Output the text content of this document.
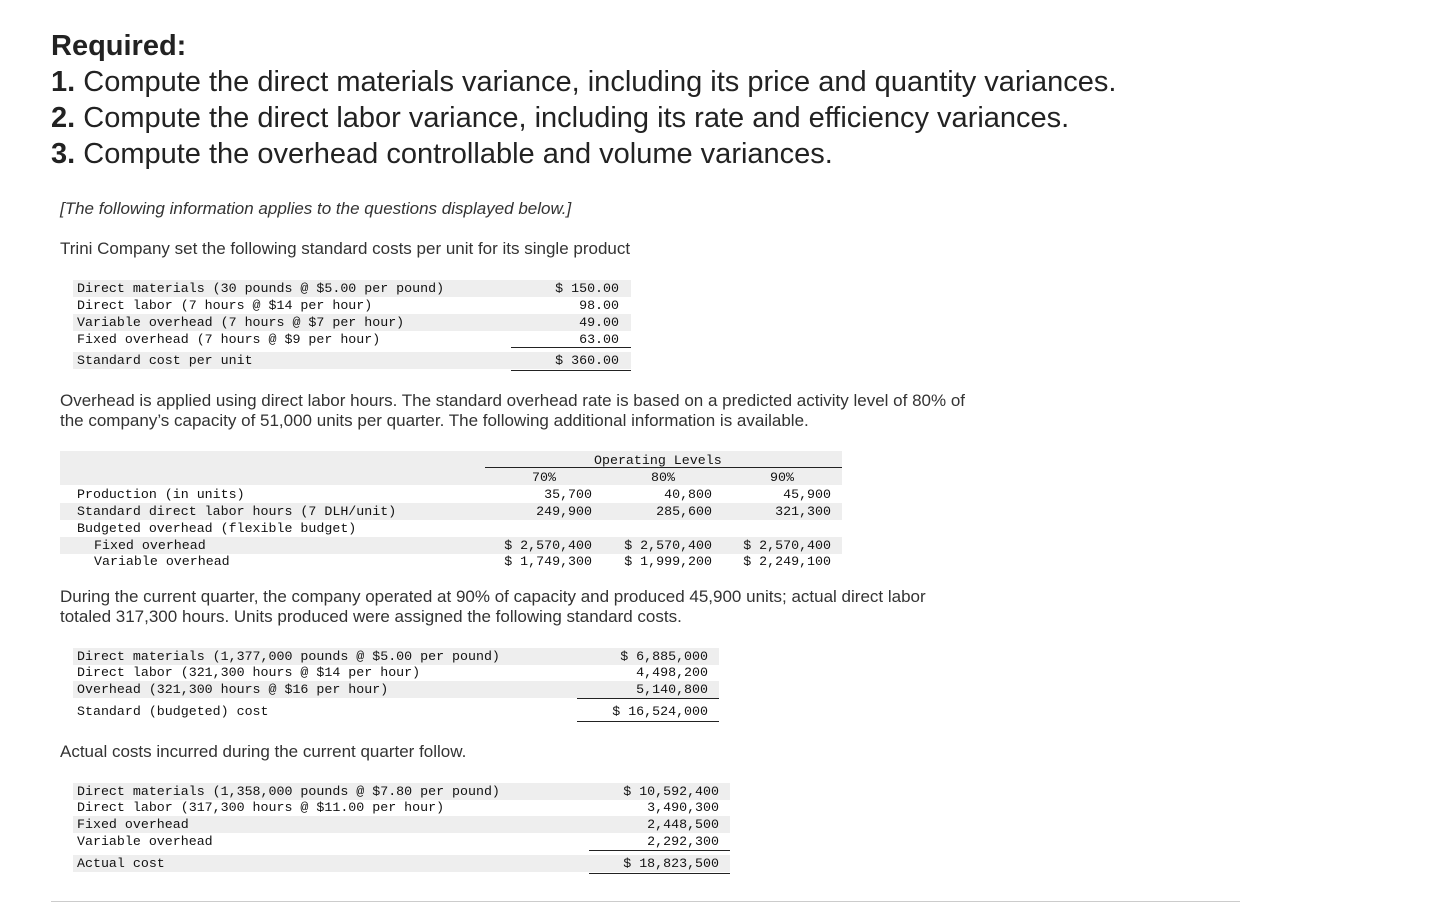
Required:
1. Compute the direct materials variance, including its price and quantity variances.
2. Compute the direct labor variance, including its rate and efficiency variances.
3. Compute the overhead controllable and volume variances.
[The following information applies to the questions displayed below.]
Trini Company set the following standard costs per unit for its single product
Direct materials (30 pounds @ $5.00 per pound)	$ 150.00
Direct labor (7 hours @ $14 per hour)	98.00
Variable overhead (7 hours @ $7 per hour)	49.00
Fixed overhead (7 hours @ $9 per hour)	63.00
Standard cost per unit	$ 360.00
Overhead is applied using direct labor hours. The standard overhead rate is based on a predicted activity level of 80% of
the company’s capacity of 51,000 units per quarter. The following additional information is available.
Operating Levels
70%	80%	90%
Production (in units)	35,700	40,800	45,900
Standard direct labor hours (7 DLH/unit)	249,900	285,600	321,300
Budgeted overhead (flexible budget)
Fixed overhead	$ 2,570,400 $ 2,570,400 $ 2,570,400
Variable overhead	$ 1,749,300 $ 1,999,200 $ 2,249,100
During the current quarter, the company operated at 90% of capacity and produced 45,900 units; actual direct labor
totaled 317,300 hours. Units produced were assigned the following standard costs.
Direct materials (1,377,000 pounds @ $5.00 per pound)	$ 6,885,000
Direct labor (321,300 hours @ $14 per hour)	4,498,200
Overhead (321,300 hours @ $16 per hour)	5,140,800
Standard (budgeted) cost	$ 16,524,000
Actual costs incurred during the current quarter follow.
Direct materials (1,358,000 pounds @ $7.80 per pound)	$ 10,592,400
Direct labor (317,300 hours @ $11.00 per hour)	3,490,300
Fixed overhead	2,448,500
Variable overhead	2,292,300
Actual cost	$ 18,823,500
